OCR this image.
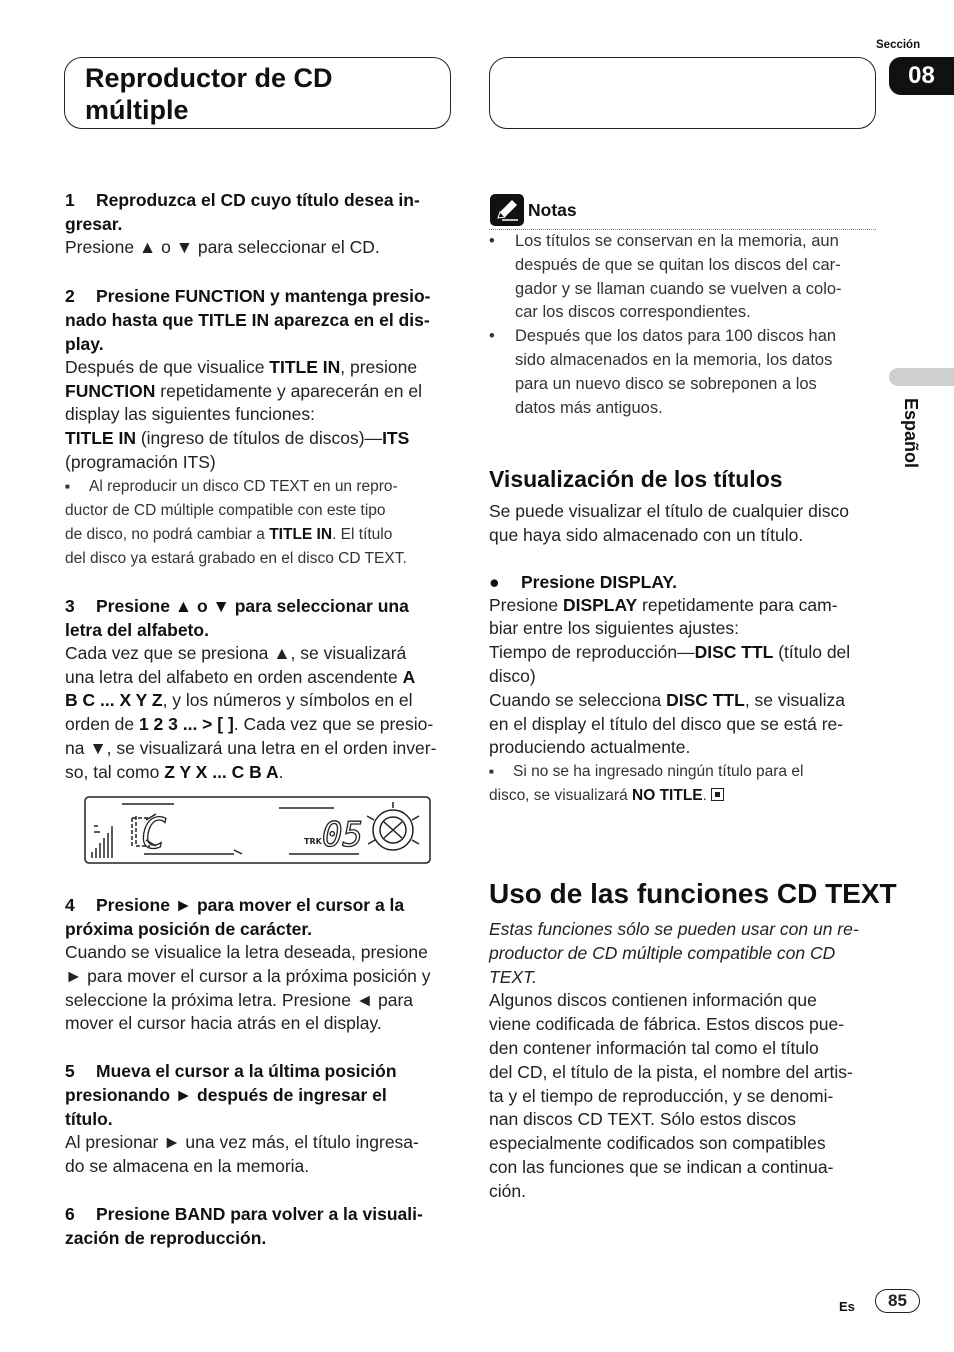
Sección
08
Reproductor de CD
múltiple
Español
1 Reproduzca el CD cuyo título desea in-
gresar.

Presione ▲ o ▼ para seleccionar el CD.

2 Presione FUNCTION y mantenga presio-
nado hasta que TITLE IN aparezca en el dis-
play.

Después de que visualice TITLE IN, presione

FUNCTION repetidamente y aparecerán en el

display las siguientes funciones:

TITLE IN (ingreso de títulos de discos)—ITS

(programación ITS)

■ Al reproducir un disco CD TEXT en un repro-
ductor de CD múltiple compatible con este tipo
de disco, no podrá cambiar a TITLE IN. El título
del disco ya estará grabado en el disco CD TEXT.
3 Presione ▲ o ▼ para seleccionar una
letra del alfabeto.

Cada vez que se presiona ▲, se visualizará

una letra del alfabeto en orden ascendente A

B C ... X Y Z, y los números y símbolos en el

orden de 1 2 3 ... > [ ]. Cada vez que se presio-

na ▼, se visualizará una letra en el orden inver-

so, tal como Z Y X ... C B A.

C	TRK 05
4 Presione ► para mover el cursor a la
próxima posición de carácter.

Cuando se visualice la letra deseada, presione

► para mover el cursor a la próxima posición y

seleccione la próxima letra. Presione ◄ para

mover el cursor hacia atrás en el display.

5 Mueva el cursor a la última posición
presionando ► después de ingresar el
título.

Al presionar ► una vez más, el título ingresa-

do se almacena en la memoria.

6 Presione BAND para volver a la visuali-
zación de reproducción.
Notas
• Los títulos se conservan en la memoria, aun
después de que se quitan los discos del car-
gador y se llaman cuando se vuelven a colo-
car los discos correspondientes.
• Después que los datos para 100 discos han
sido almacenados en la memoria, los datos
para un nuevo disco se sobreponen a los
datos más antiguos.
Visualización de los títulos

Se puede visualizar el título de cualquier disco

que haya sido almacenado con un título.

● Presione DISPLAY.

Presione DISPLAY repetidamente para cam-

biar entre los siguientes ajustes:

Tiempo de reproducción—DISC TTL (título del

disco)

Cuando se selecciona DISC TTL, se visualiza

en el display el título del disco que se está re-

produciendo actualmente.

■ Si no se ha ingresado ningún título para el
disco, se visualizará NO TITLE.
Uso de las funciones CD TEXT

Estas funciones sólo se pueden usar con un re-

productor de CD múltiple compatible con CD

TEXT.

Algunos discos contienen información que

viene codificada de fábrica. Estos discos pue-

den contener información tal como el título

del CD, el título de la pista, el nombre del artis-

ta y el tiempo de reproducción, y se denomi-

nan discos CD TEXT. Sólo estos discos

especialmente codificados son compatibles

con las funciones que se indican a continua-

ción.

Es	85
